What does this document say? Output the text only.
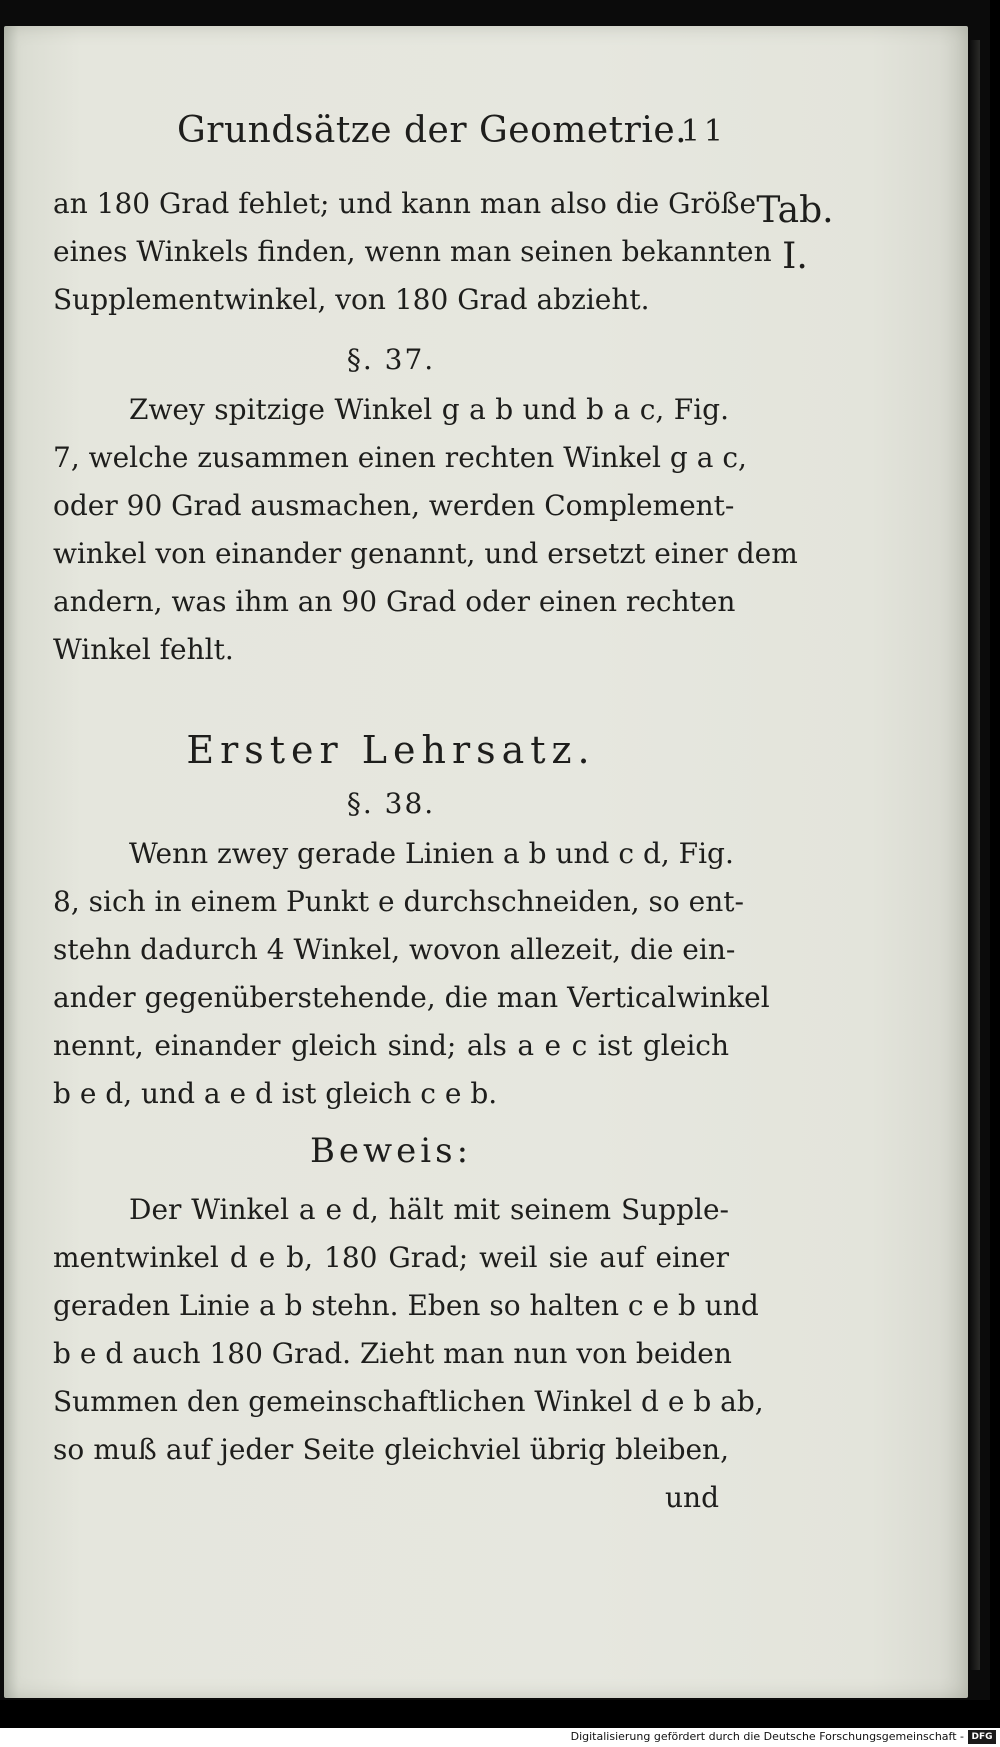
Grundsätze der Geometrie.
11
Tab.
I.
an 180 Grad fehlet; und kann man also die Größe
eines Winkels finden, wenn man seinen bekannten
Supplementwinkel, von 180 Grad abzieht.
§. 37.
Zwey spitzige Winkel g a b und b a c, Fig.
7, welche zusammen einen rechten Winkel g a c,
oder 90 Grad ausmachen, werden Complement-
winkel von einander genannt, und ersetzt einer dem
andern, was ihm an 90 Grad oder einen rechten
Winkel fehlt.
Erster Lehrsatz.
§. 38.
Wenn zwey gerade Linien a b und c d, Fig.
8, sich in einem Punkt e durchschneiden, so ent-
stehn dadurch 4 Winkel, wovon allezeit, die ein-
ander gegenüberstehende, die man Verticalwinkel
nennt, einander gleich sind; als a e c ist gleich
b e d, und a e d ist gleich c e b.
Beweis:
Der Winkel a e d, hält mit seinem Supple-
mentwinkel d e b, 180 Grad; weil sie auf einer
geraden Linie a b stehn. Eben so halten c e b und
b e d auch 180 Grad. Zieht man nun von beiden
Summen den gemeinschaftlichen Winkel d e b ab,
so muß auf jeder Seite gleichviel übrig bleiben,
und
Digitalisierung gefördert durch die Deutsche Forschungsgemeinschaft - DFG
